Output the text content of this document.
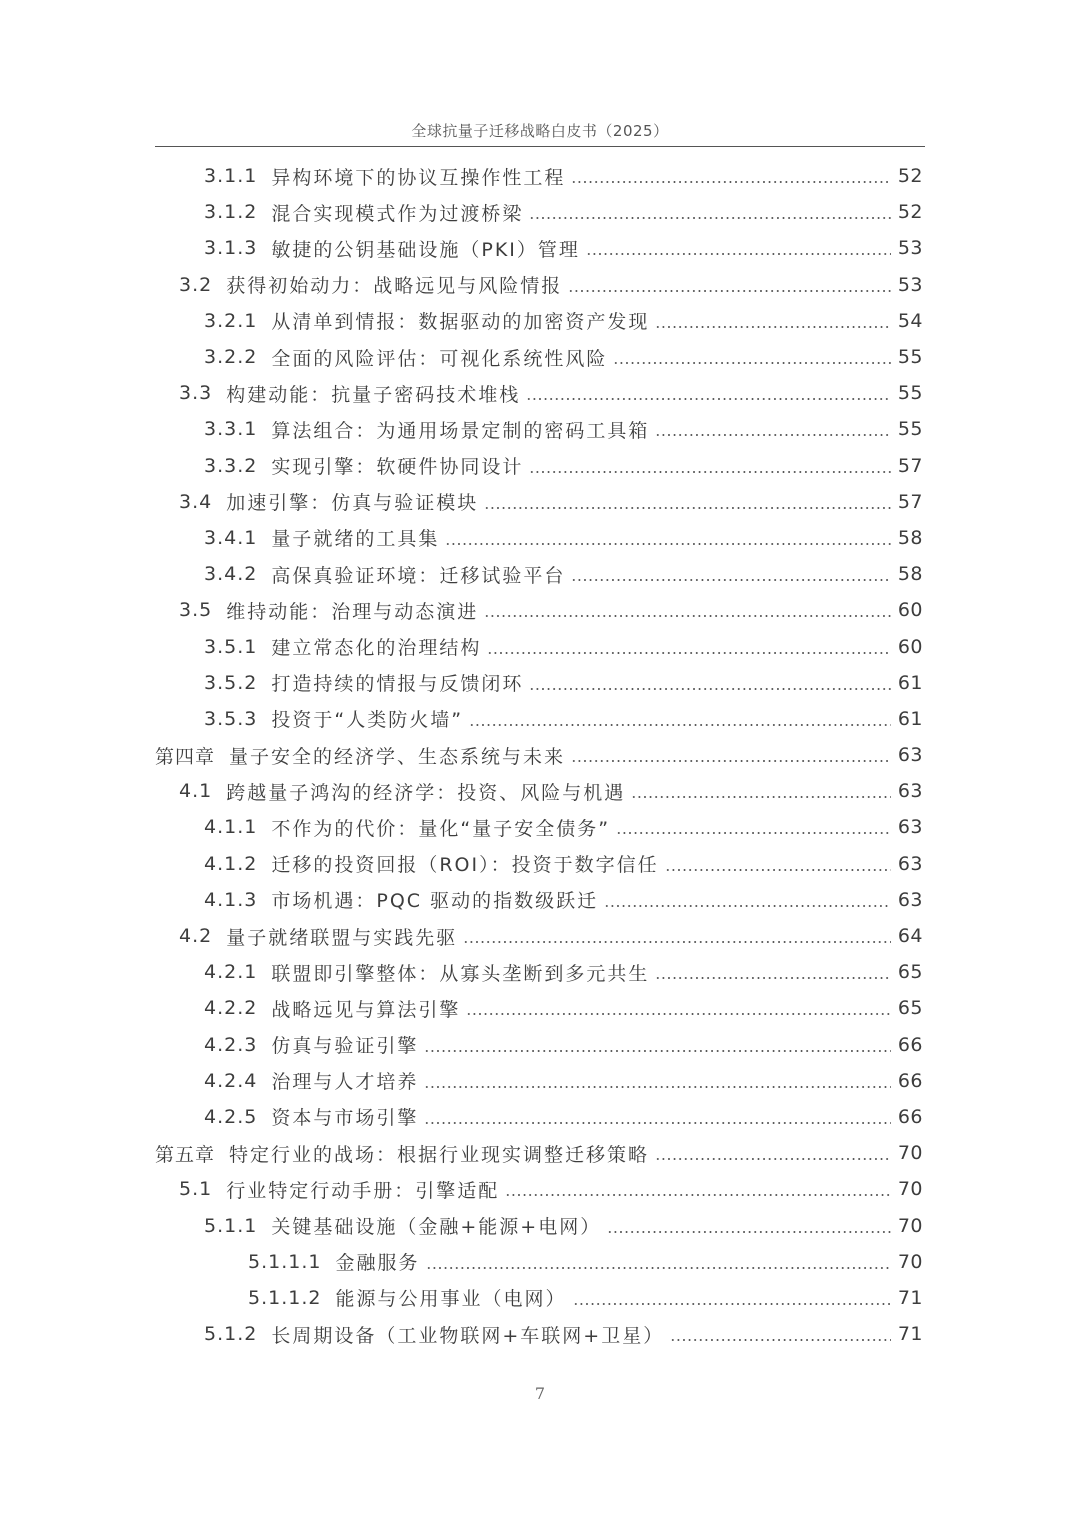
全球抗量子迁移战略白皮书（2025）
3.1.1 异构环境下的协议互操作性工程	52
3.1.2 混合实现模式作为过渡桥梁	52
3.1.3 敏捷的公钥基础设施（PKI）管理	53
3.2 获得初始动力：战略远见与风险情报	53
3.2.1 从清单到情报：数据驱动的加密资产发现	54
3.2.2 全面的风险评估：可视化系统性风险	55
3.3 构建动能：抗量子密码技术堆栈	55
3.3.1 算法组合：为通用场景定制的密码工具箱	55
3.3.2 实现引擎：软硬件协同设计	57
3.4 加速引擎：仿真与验证模块	57
3.4.1 量子就绪的工具集	58
3.4.2 高保真验证环境：迁移试验平台	58
3.5 维持动能：治理与动态演进	60
3.5.1 建立常态化的治理结构	60
3.5.2 打造持续的情报与反馈闭环	61
3.5.3 投资于“人类防火墙”	61
第四章 量子安全的经济学、生态系统与未来	63
4.1 跨越量子鸿沟的经济学：投资、风险与机遇	63
4.1.1 不作为的代价：量化“量子安全债务”	63
4.1.2 迁移的投资回报（ROI）：投资于数字信任	63
4.1.3 市场机遇：PQC 驱动的指数级跃迁	63
4.2 量子就绪联盟与实践先驱	64
4.2.1 联盟即引擎整体：从寡头垄断到多元共生	65
4.2.2 战略远见与算法引擎	65
4.2.3 仿真与验证引擎	66
4.2.4 治理与人才培养	66
4.2.5 资本与市场引擎	66
第五章 特定行业的战场：根据行业现实调整迁移策略	70
5.1 行业特定行动手册：引擎适配	70
5.1.1 关键基础设施（金融+能源+电网）	70
5.1.1.1 金融服务	70
5.1.1.2 能源与公用事业（电网）	71
5.1.2 长周期设备（工业物联网+车联网+卫星）	71
7
